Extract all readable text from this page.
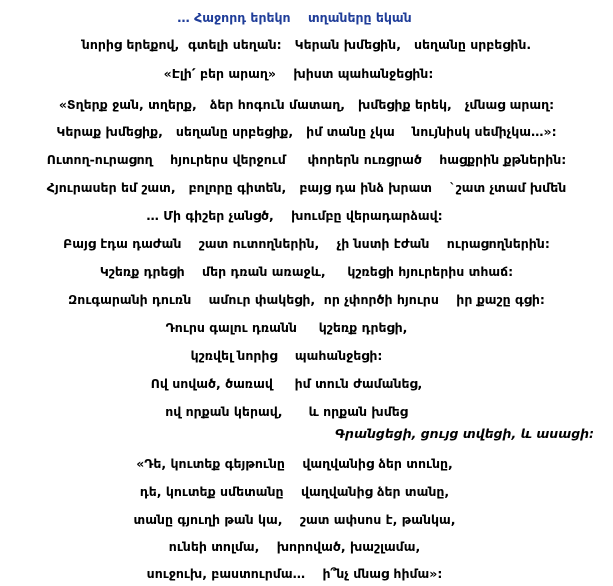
… Հաջորդ երեկո    տղաները եկան
նորից երեքով,  գտելի սեղան:   Կերան խմեցին,   սեղանը սրբեցին.
«Էլի՛ բեր արաղ»    խիստ պահանջեցին:
«Տղերք ջան, տղերք,   ձեր հոգուն մատաղ,   խմեցիք երեկ,   չմնաց արաղ:
Կերաք խմեցիք,   սեղանը սրբեցիք,   իմ տանը չկա    նույնիսկ սեմիչկա…»:
Ուտող-ուրացող    հյուրերս վերջում     փորերն ուռցրած    հացքրին քթներին:
Հյուրասեր եմ շատ,   բոլորը գիտեն,   բայց դա ինձ խրատ    `շատ չտամ խմեն
… Մի գիշեր չանցծ,    խումբը վերադարձավ:
Բայց էդա դաժան    շատ ուտողներին,    չի նստի էժան    ուրացողներին:
Կշեռք դրեցի    մեր դռան առաջև,     կշռեցի հյուրերիս տհաճ:
Զուգարանի դուռն    ամուր փակեցի,  որ չփործի հյուրս    իր քաշը գցի:
Դուրս գալու դռանն     կշեռք դրեցի,
կշռվել նորից    պահանջեցի:
Ով սոված, ծառավ     իմ տուն ժամանեց,
ով որքան կերավ,      և որքան խմեց
Գրանցեցի, ցույց տվեցի, և ասացի:
«Դե, կուտեք գեյթունը    վաղվանից ձեր տունը,
դե, կուտեք սմետանը    վաղվանից ձեր տանը,
տանը գյուղի թան կա,    շատ ափսոս է, թանկա,
ունեի տոլմա,    խորոված, խաշլամա,
սուջուխ, բաստուրմա…    ի՞նչ մնաց հիմա»:
